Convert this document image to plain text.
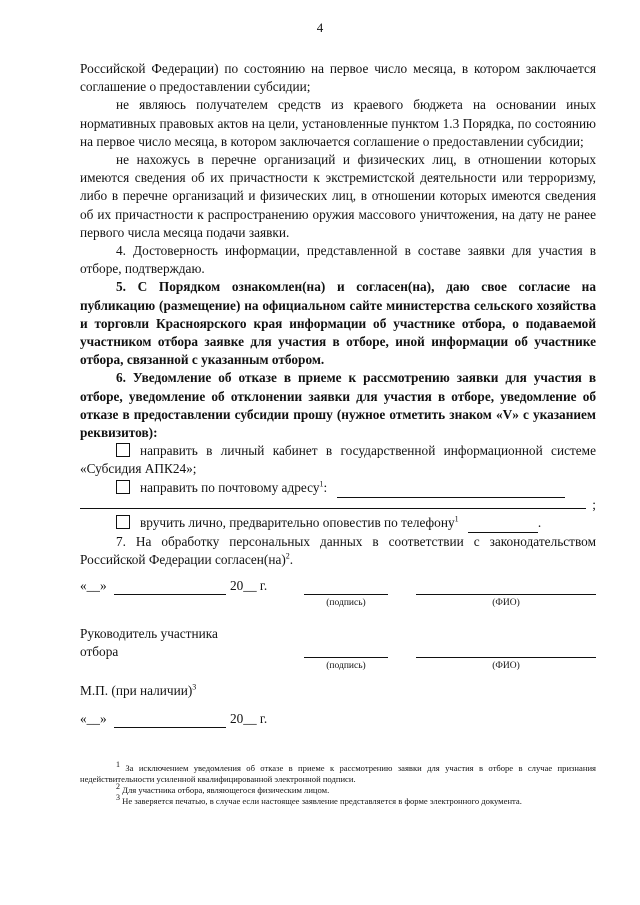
4

Российской Федерации) по состоянию на первое число месяца, в котором заключается соглашение о предоставлении субсидии;

не являюсь получателем средств из краевого бюджета на основании иных нормативных правовых актов на цели, установленные пунктом 1.3 Порядка, по состоянию на первое число месяца, в котором заключается соглашение о предоставлении субсидии;

не нахожусь в перечне организаций и физических лиц, в отношении которых имеются сведения об их причастности к экстремистской деятельности или терроризму, либо в перечне организаций и физических лиц, в отношении которых имеются сведения об их причастности к распространению оружия массового уничтожения, на дату не ранее первого числа месяца подачи заявки.

4. Достоверность информации, представленной в составе заявки для участия в отборе, подтверждаю.

5. С Порядком ознакомлен(на) и согласен(на), даю свое согласие на публикацию (размещение) на официальном сайте министерства сельского хозяйства и торговли Красноярского края информации об участнике отбора, о подаваемой участником отбора заявке для участия в отборе, иной информации об участнике отбора, связанной с указанным отбором.

6. Уведомление об отказе в приеме к рассмотрению заявки для участия в отборе, уведомление об отклонении заявки для участия в отборе, уведомление об отказе в предоставлении субсидии прошу (нужное отметить знаком «V» с указанием реквизитов):

направить в личный кабинет в государственной информационной системе «Субсидия АПК24»;

направить по почтовому адресу$^1$:

;

вручить лично, предварительно оповестив по телефону$^1$	.

7. На обработку персональных данных в соответствии с законодательством Российской Федерации согласен(на)$^2$.

«__»	20__ г.
(подпись)	(ФИО)
Руководитель участника
отбора
(подпись)	(ФИО)
М.П. (при наличии)$^3$
«__»	20__ г.

$^1$ За исключением уведомления об отказе в приеме к рассмотрению заявки для участия в отборе в случае признания недействительности усиленной квалифицированной электронной подписи.

$^2$ Для участника отбора, являющегося физическим лицом.

$^3$ Не заверяется печатью, в случае если настоящее заявление представляется в форме электронного документа.
